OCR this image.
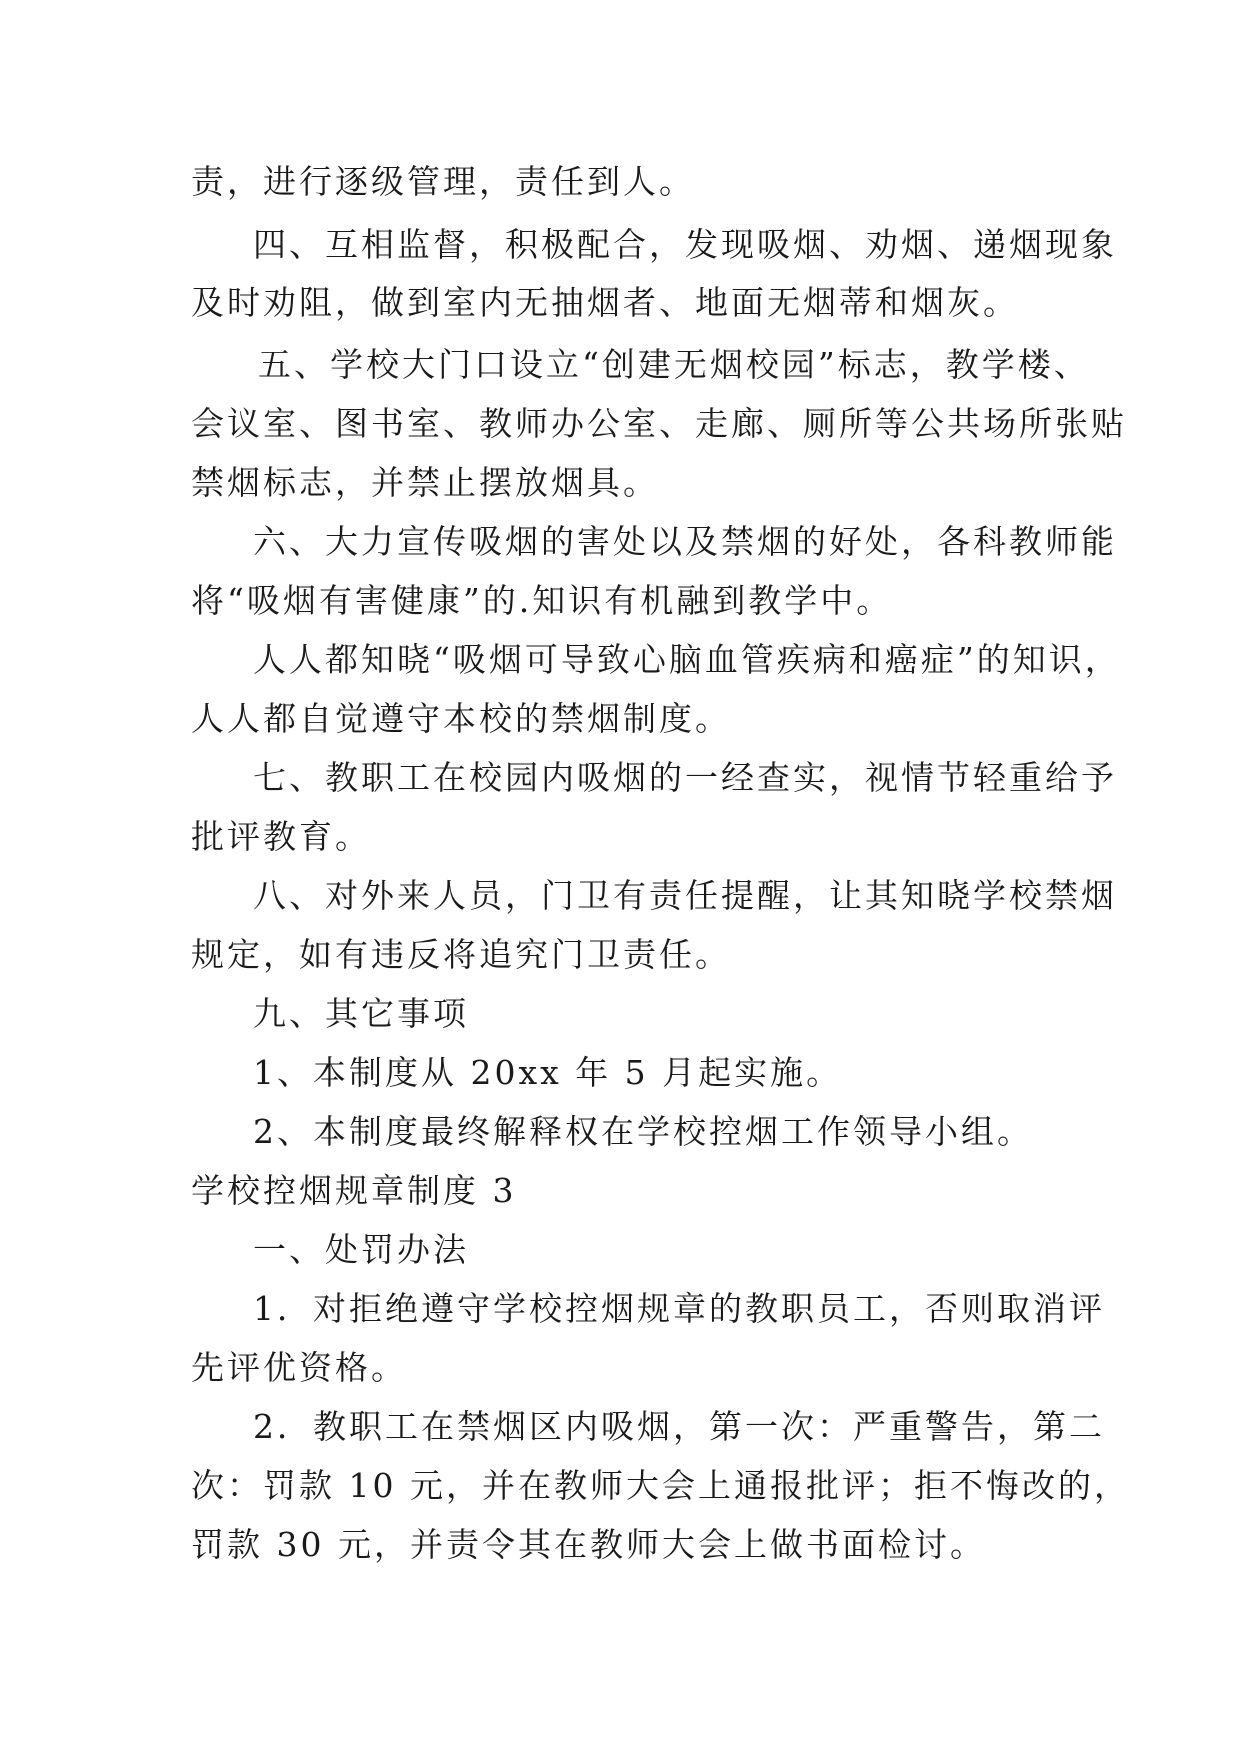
责，进行逐级管理，责任到人。
四、互相监督，积极配合，发现吸烟、劝烟、递烟现象
及时劝阻，做到室内无抽烟者、地面无烟蒂和烟灰。
五、学校大门口设立“创建无烟校园”标志，教学楼、
会议室、图书室、教师办公室、走廊、厕所等公共场所张贴
禁烟标志，并禁止摆放烟具。
六、大力宣传吸烟的害处以及禁烟的好处，各科教师能
将“吸烟有害健康”的.知识有机融到教学中。
人人都知晓“吸烟可导致心脑血管疾病和癌症”的知识，
人人都自觉遵守本校的禁烟制度。
七、教职工在校园内吸烟的一经查实，视情节轻重给予
批评教育。
八、对外来人员，门卫有责任提醒，让其知晓学校禁烟
规定，如有违反将追究门卫责任。
九、其它事项
1、本制度从 20xx 年 5 月起实施。
2、本制度最终解释权在学校控烟工作领导小组。
学校控烟规章制度 3
一、处罚办法
1．对拒绝遵守学校控烟规章的教职员工，否则取消评
先评优资格。
2．教职工在禁烟区内吸烟，第一次：严重警告，第二
次：罚款 10 元，并在教师大会上通报批评；拒不悔改的，
罚款 30 元，并责令其在教师大会上做书面检讨。
